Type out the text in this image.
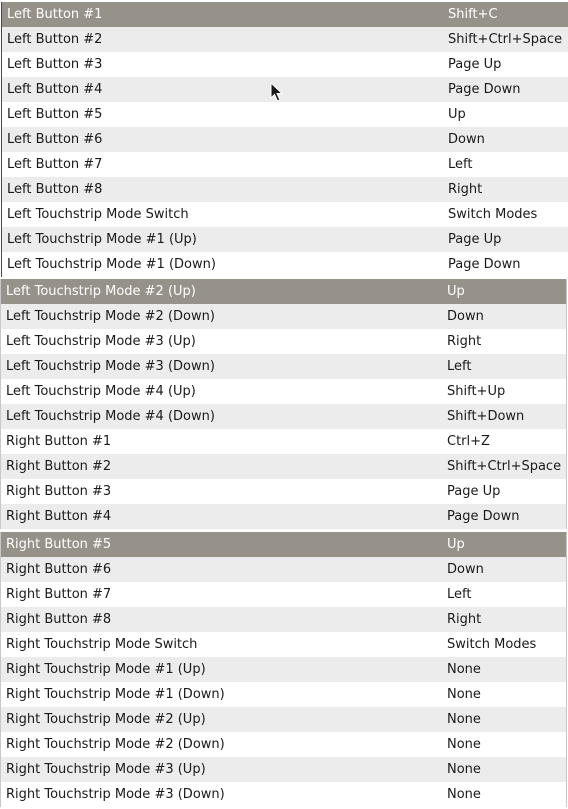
Left Button #1	Shift+C
Left Button #2	Shift+Ctrl+Space
Left Button #3	Page Up
Left Button #4	Page Down
Left Button #5	Up
Left Button #6	Down
Left Button #7	Left
Left Button #8	Right
Left Touchstrip Mode Switch	Switch Modes
Left Touchstrip Mode #1 (Up)	Page Up
Left Touchstrip Mode #1 (Down)	Page Down
Left Touchstrip Mode #2 (Up)	Up
Left Touchstrip Mode #2 (Down)	Down
Left Touchstrip Mode #3 (Up)	Right
Left Touchstrip Mode #3 (Down)	Left
Left Touchstrip Mode #4 (Up)	Shift+Up
Left Touchstrip Mode #4 (Down)	Shift+Down
Right Button #1	Ctrl+Z
Right Button #2	Shift+Ctrl+Space
Right Button #3	Page Up
Right Button #4	Page Down
Right Button #5	Up
Right Button #6	Down
Right Button #7	Left
Right Button #8	Right
Right Touchstrip Mode Switch	Switch Modes
Right Touchstrip Mode #1 (Up)	None
Right Touchstrip Mode #1 (Down)	None
Right Touchstrip Mode #2 (Up)	None
Right Touchstrip Mode #2 (Down)	None
Right Touchstrip Mode #3 (Up)	None
Right Touchstrip Mode #3 (Down)	None
